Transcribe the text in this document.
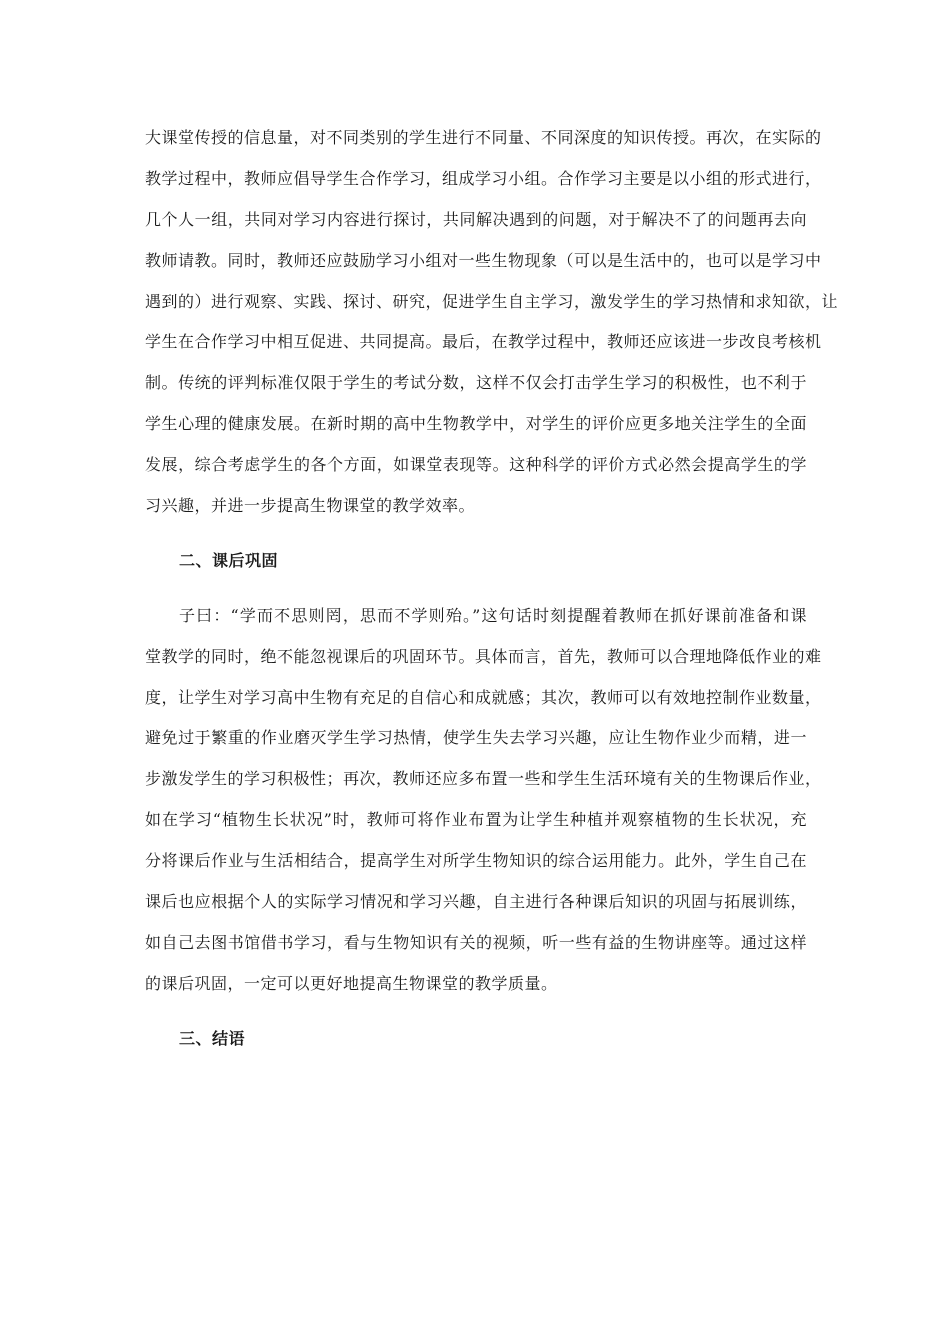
大课堂传授的信息量，对不同类别的学生进行不同量、不同深度的知识传授。再次，在实际的
教学过程中，教师应倡导学生合作学习，组成学习小组。合作学习主要是以小组的形式进行，
几个人一组，共同对学习内容进行探讨，共同解决遇到的问题，对于解决不了的问题再去向
教师请教。同时，教师还应鼓励学习小组对一些生物现象（可以是生活中的，也可以是学习中
遇到的）进行观察、实践、探讨、研究，促进学生自主学习，激发学生的学习热情和求知欲，让
学生在合作学习中相互促进、共同提高。最后，在教学过程中，教师还应该进一步改良考核机
制。传统的评判标准仅限于学生的考试分数，这样不仅会打击学生学习的积极性，也不利于
学生心理的健康发展。在新时期的高中生物教学中，对学生的评价应更多地关注学生的全面
发展，综合考虑学生的各个方面，如课堂表现等。这种科学的评价方式必然会提高学生的学
习兴趣，并进一步提高生物课堂的教学效率。
二、课后巩固
子曰：“学而不思则罔，思而不学则殆。”这句话时刻提醒着教师在抓好课前准备和课
堂教学的同时，绝不能忽视课后的巩固环节。具体而言，首先，教师可以合理地降低作业的难
度，让学生对学习高中生物有充足的自信心和成就感；其次，教师可以有效地控制作业数量，
避免过于繁重的作业磨灭学生学习热情，使学生失去学习兴趣，应让生物作业少而精，进一
步激发学生的学习积极性；再次，教师还应多布置一些和学生生活环境有关的生物课后作业，
如在学习“植物生长状况”时，教师可将作业布置为让学生种植并观察植物的生长状况，充
分将课后作业与生活相结合，提高学生对所学生物知识的综合运用能力。此外，学生自己在
课后也应根据个人的实际学习情况和学习兴趣，自主进行各种课后知识的巩固与拓展训练，
如自己去图书馆借书学习，看与生物知识有关的视频，听一些有益的生物讲座等。通过这样
的课后巩固，一定可以更好地提高生物课堂的教学质量。
三、结语
